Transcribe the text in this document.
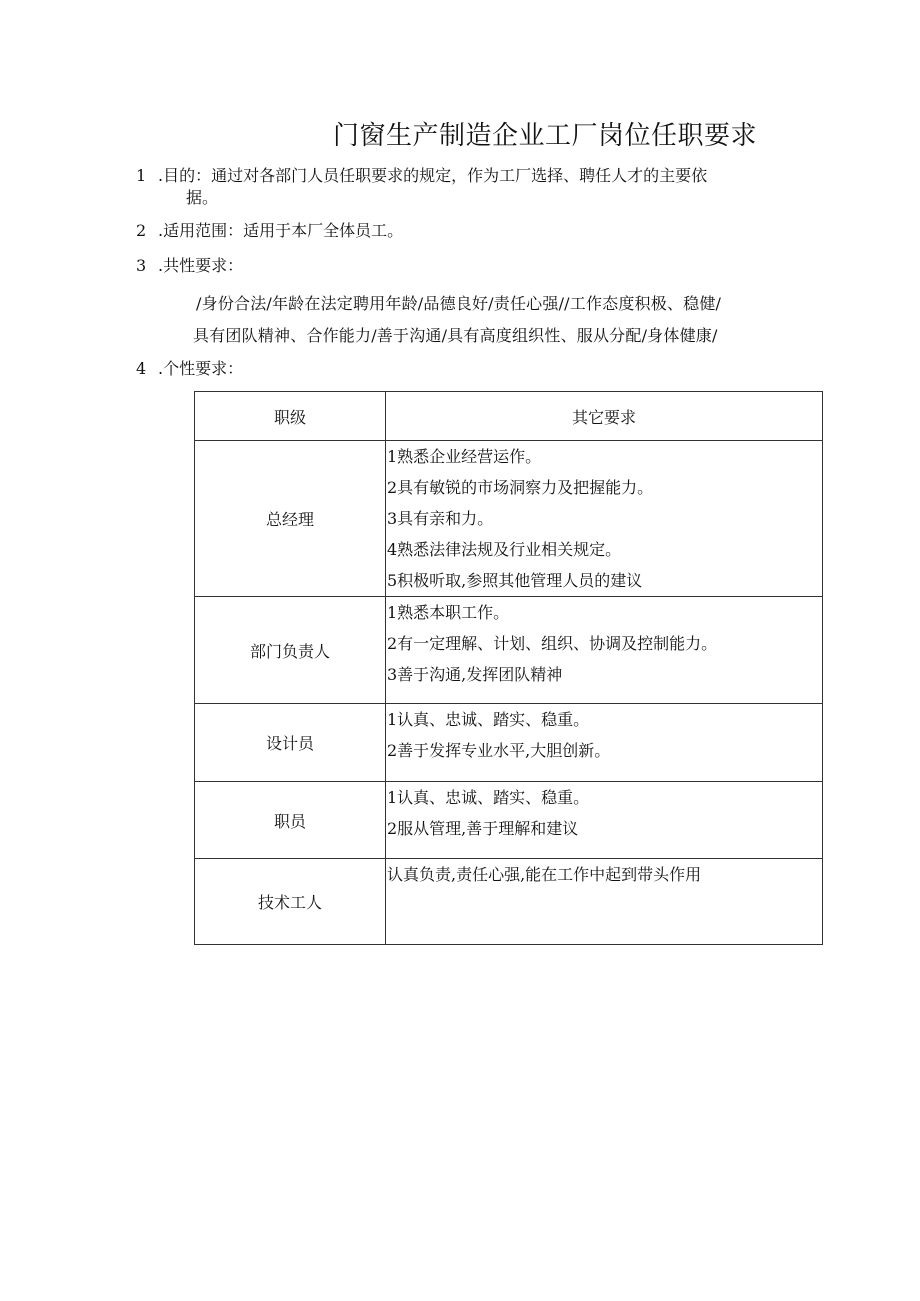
门窗生产制造企业工厂岗位任职要求
1 .目的：通过对各部门人员任职要求的规定，作为工厂选择、聘任人才的主要依
据。
2 .适用范围：适用于本厂全体员工。
3 .共性要求：
/身份合法/年龄在法定聘用年龄/品德良好/责任心强//工作态度积极、稳健/
具有团队精神、合作能力/善于沟通/具有高度组织性、服从分配/身体健康/
4 .个性要求：
职级	其它要求
总经理	1熟悉企业经营运作。
2具有敏锐的市场洞察力及把握能力。
3具有亲和力。
4熟悉法律法规及行业相关规定。
5积极听取,参照其他管理人员的建议

部门负责人	1熟悉本职工作。
2有一定理解、计划、组织、协调及控制能力。
3善于沟通,发挥团队精神

设计员	1认真、忠诚、踏实、稳重。
2善于发挥专业水平,大胆创新。

职员	1认真、忠诚、踏实、稳重。
2服从管理,善于理解和建议

技术工人	认真负责,责任心强,能在工作中起到带头作用
